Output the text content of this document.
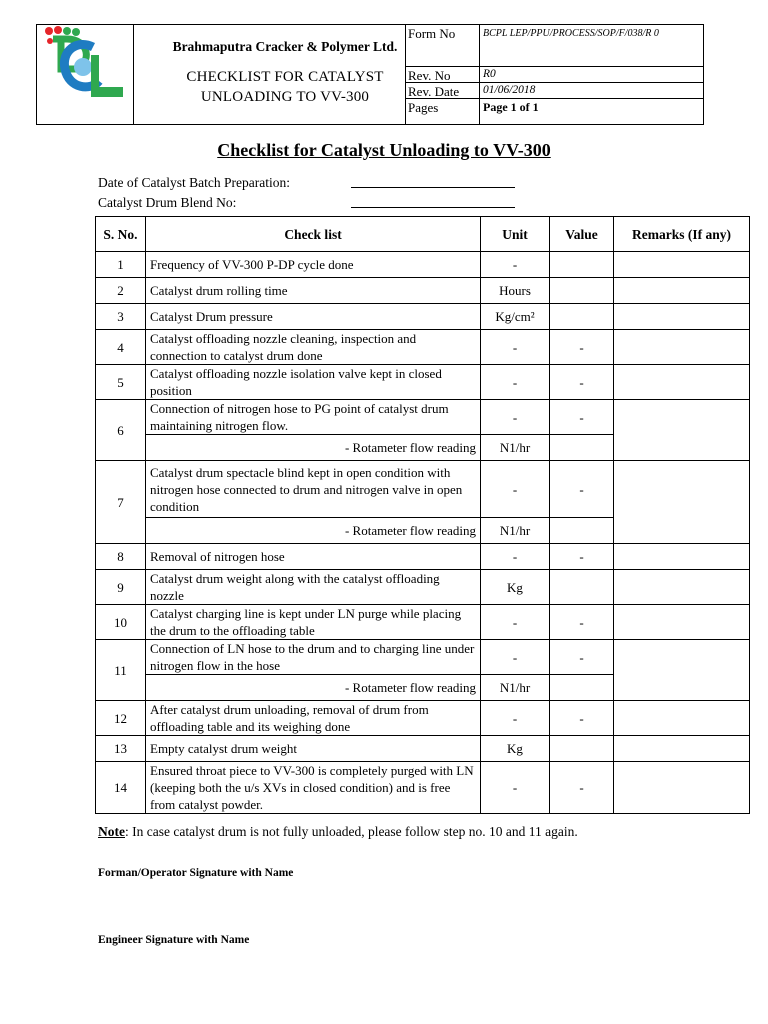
Brahmaputra Cracker & Polymer Ltd.
CHECKLIST FOR CATALYST
UNLOADING TO VV-300
Form No	BCPL LEP/PPU/PROCESS/SOP/F/038/R 0
Rev. No	R0
Rev. Date 01/06/2018
Pages	Page 1 of 1
Checklist for Catalyst Unloading to VV-300
Date of Catalyst Batch Preparation:
Catalyst Drum Blend No:
S. No.	Check list	Unit	Value	Remarks (If any)
1	Frequency of VV-300 P-DP cycle done	-		
2	Catalyst drum rolling time	Hours		
3	Catalyst Drum pressure	Kg/cm²		
4	Catalyst offloading nozzle cleaning, inspection and connection to catalyst drum done	-	-	
5	Catalyst offloading nozzle isolation valve kept in closed position	-	-	
6	Connection of nitrogen hose to PG point of catalyst drum maintaining nitrogen flow.	-	-	
	- Rotameter flow reading	N1/hr		
7	Catalyst drum spectacle blind kept in open condition with nitrogen hose connected to drum and nitrogen valve in open condition	-	-	
	- Rotameter flow reading	N1/hr		
8	Removal of nitrogen hose	-	-	
9	Catalyst drum weight along with the catalyst offloading nozzle	Kg		
10	Catalyst charging line is kept under LN purge while placing the drum to the offloading table	-	-	
11	Connection of LN hose to the drum and to charging line under nitrogen flow in the hose	-	-	
	- Rotameter flow reading	N1/hr		
12	After catalyst drum unloading, removal of drum from offloading table and its weighing done	-	-	
13	Empty catalyst drum weight	Kg		
14	Ensured throat piece to VV-300 is completely purged with LN (keeping both the u/s XVs in closed condition) and is free from catalyst powder.	-	-	
Note: In case catalyst drum is not fully unloaded, please follow step no. 10 and 11 again.
Forman/Operator Signature with Name
Engineer Signature with Name
